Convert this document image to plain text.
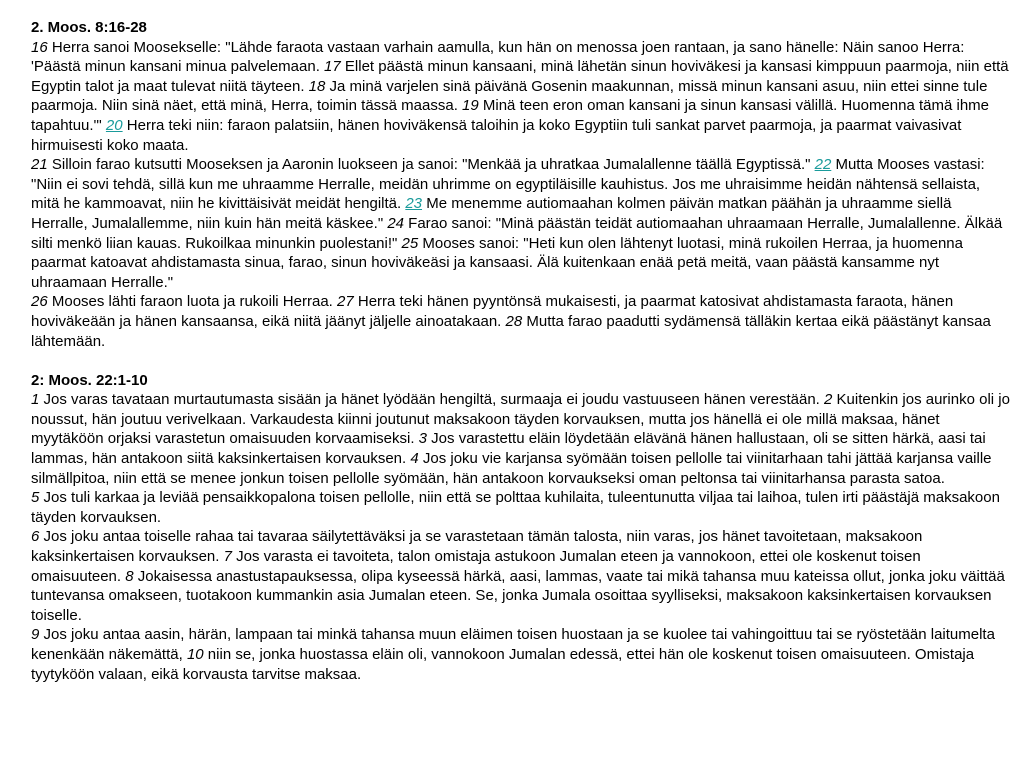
2. Moos. 8:16-28
16 Herra sanoi Moosekselle: "Lähde faraota vastaan varhain aamulla, kun hän on menossa joen rantaan, ja sano hänelle: Näin sanoo Herra: 'Päästä minun kansani minua palvelemaan. 17 Ellet päästä minun kansaani, minä lähetän sinun hoviväkesi ja kansasi kimppuun paarmoja, niin että Egyptin talot ja maat tulevat niitä täyteen. 18 Ja minä varjelen sinä päivänä Gosenin maakunnan, missä minun kansani asuu, niin ettei sinne tule paarmoja. Niin sinä näet, että minä, Herra, toimin tässä maassa. 19 Minä teen eron oman kansani ja sinun kansasi välillä. Huomenna tämä ihme tapahtuu.'" 20 Herra teki niin: faraon palatsiin, hänen hoviväkensä taloihin ja koko Egyptiin tuli sankat parvet paarmoja, ja paarmat vaivasivat hirmuisesti koko maata.
21 Silloin farao kutsutti Mooseksen ja Aaronin luokseen ja sanoi: "Menkää ja uhratkaa Jumalallenne täällä Egyptissä." 22 Mutta Mooses vastasi: "Niin ei sovi tehdä, sillä kun me uhraamme Herralle, meidän uhrimme on egyptiläisille kauhistus. Jos me uhraisimme heidän nähtensä sellaista, mitä he kammoavat, niin he kivittäisivät meidät hengiltä. 23 Me menemme autiomaahan kolmen päivän matkan päähän ja uhraamme siellä Herralle, Jumalallemme, niin kuin hän meitä käskee." 24 Farao sanoi: "Minä päästän teidät autiomaahan uhraamaan Herralle, Jumalallenne. Älkää silti menkö liian kauas. Rukoilkaa minunkin puolestani!" 25 Mooses sanoi: "Heti kun olen lähtenyt luotasi, minä rukoilen Herraa, ja huomenna paarmat katoavat ahdistamasta sinua, farao, sinun hoviväkeäsi ja kansaasi. Älä kuitenkaan enää petä meitä, vaan päästä kansamme nyt uhraamaan Herralle."
26 Mooses lähti faraon luota ja rukoili Herraa. 27 Herra teki hänen pyyntönsä mukaisesti, ja paarmat katosivat ahdistamasta faraota, hänen hoviväkeään ja hänen kansaansa, eikä niitä jäänyt jäljelle ainoatakaan. 28 Mutta farao paadutti sydämensä tälläkin kertaa eikä päästänyt kansaa lähtemään.
2: Moos. 22:1-10
1 Jos varas tavataan murtautumasta sisään ja hänet lyödään hengiltä, surmaaja ei joudu vastuuseen hänen verestään. 2 Kuitenkin jos aurinko oli jo noussut, hän joutuu verivelkaan. Varkaudesta kiinni joutunut maksakoon täyden korvauksen, mutta jos hänellä ei ole millä maksaa, hänet myytäköön orjaksi varastetun omaisuuden korvaamiseksi. 3 Jos varastettu eläin löydetään elävänä hänen hallustaan, oli se sitten härkä, aasi tai lammas, hän antakoon siitä kaksinkertaisen korvauksen. 4 Jos joku vie karjansa syömään toisen pellolle tai viinitarhaan tahi jättää karjansa vaille silmällpitoa, niin että se menee jonkun toisen pellolle syömään, hän antakoon korvaukseksi oman peltonsa tai viinitarhansa parasta satoa.
5 Jos tuli karkaa ja leviää pensaikkopalona toisen pellolle, niin että se polttaa kuhilaita, tuleentunutta viljaa tai laihoa, tulen irti päästäjä maksakoon täyden korvauksen.
6 Jos joku antaa toiselle rahaa tai tavaraa säilytettäväksi ja se varastetaan tämän talosta, niin varas, jos hänet tavoitetaan, maksakoon kaksinkertaisen korvauksen. 7 Jos varasta ei tavoiteta, talon omistaja astukoon Jumalan eteen ja vannokoon, ettei ole koskenut toisen omaisuuteen. 8 Jokaisessa anastustapauksessa, olipa kyseessä härkä, aasi, lammas, vaate tai mikä tahansa muu kateissa ollut, jonka joku väittää tuntevansa omakseen, tuotakoon kummankin asia Jumalan eteen. Se, jonka Jumala osoittaa syylliseksi, maksakoon kaksinkertaisen korvauksen toiselle.
9 Jos joku antaa aasin, härän, lampaan tai minkä tahansa muun eläimen toisen huostaan ja se kuolee tai vahingoittuu tai se ryöstetään laitumelta kenenkään näkemättä, 10 niin se, jonka huostassa eläin oli, vannokoon Jumalan edessä, ettei hän ole koskenut toisen omaisuuteen. Omistaja tyytyköön valaan, eikä korvausta tarvitse maksaa.
